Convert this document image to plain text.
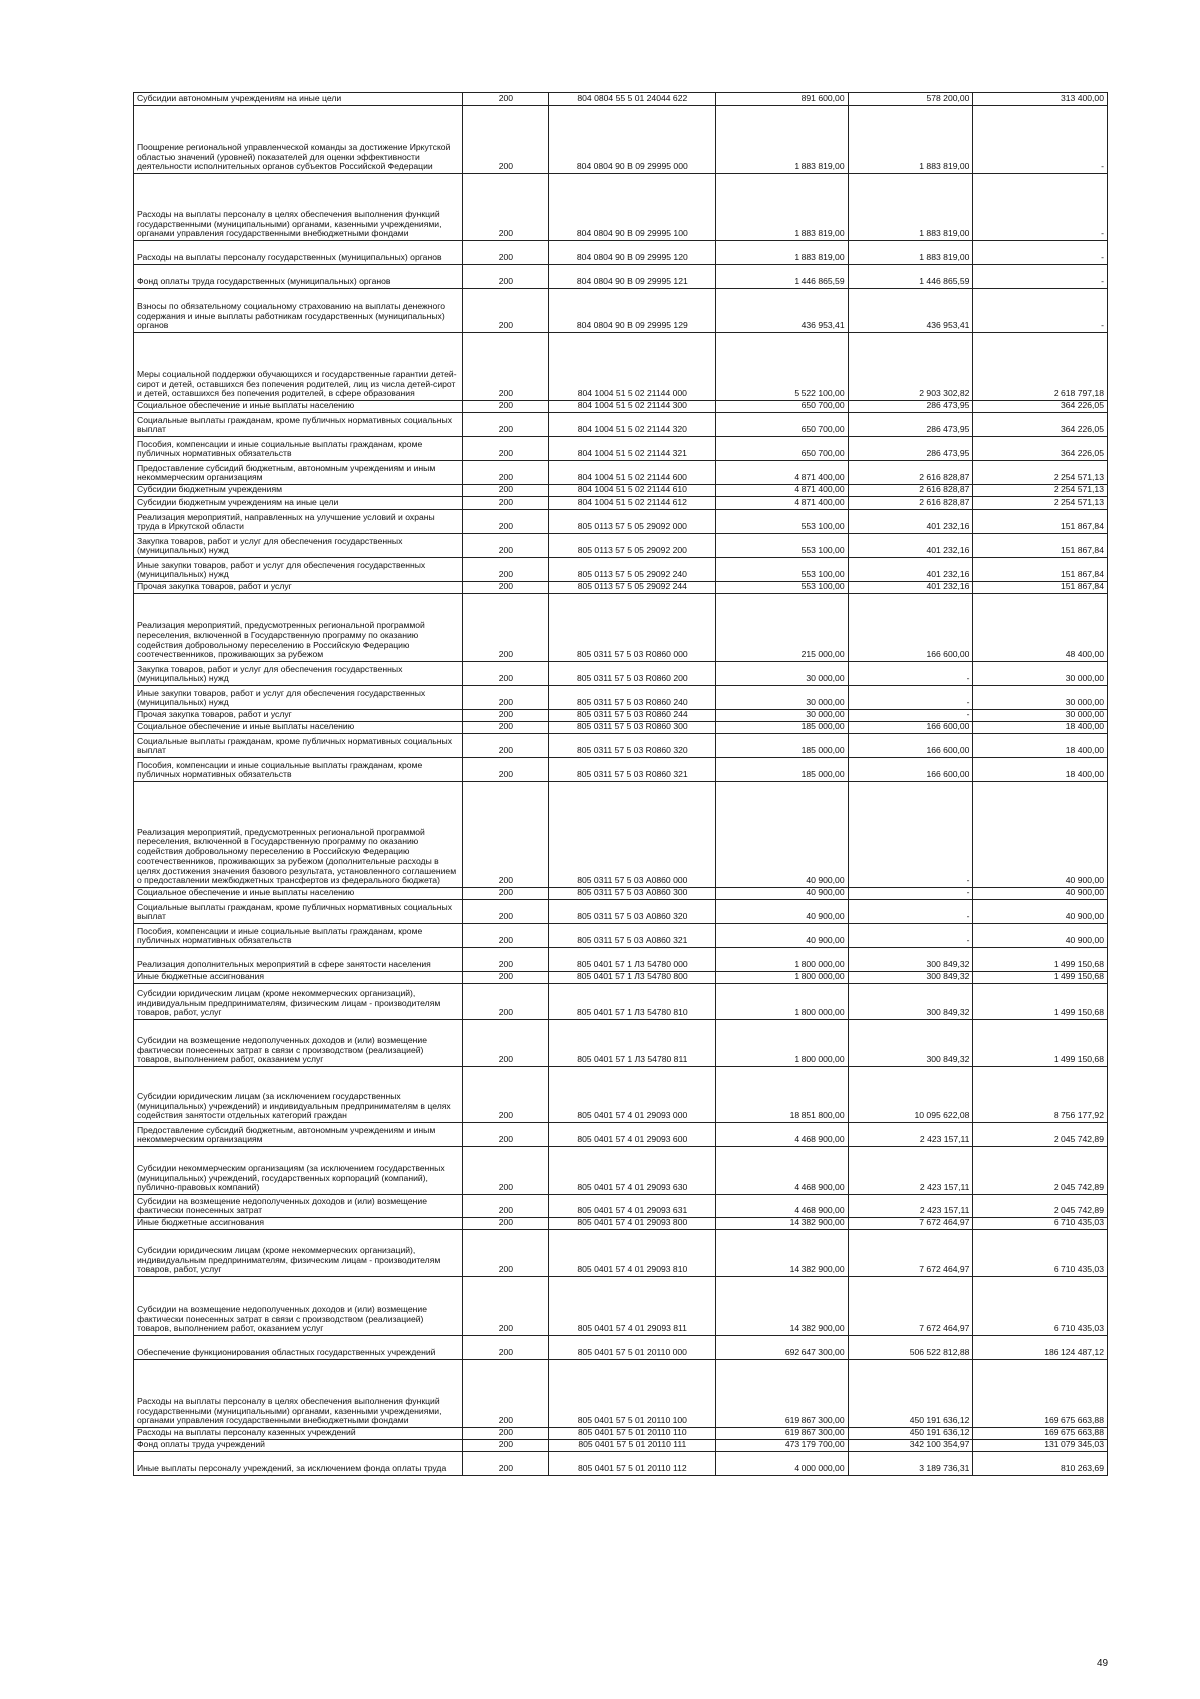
Субсидии автономным учреждениям на иные цели	200	804 0804 55 5 01 24044 622	891 600,00	578 200,00	313 400,00
Поощрение региональной управленческой команды за достижение Иркутской областью значений (уровней) показателей для оценки эффективности деятельности исполнительных органов субъектов Российской Федерации	200	804 0804 90 В 09 29995 000	1 883 819,00	1 883 819,00	-
Расходы на выплаты персоналу в целях обеспечения выполнения функций государственными (муниципальными) органами, казенными учреждениями, органами управления государственными внебюджетными фондами	200	804 0804 90 В 09 29995 100	1 883 819,00	1 883 819,00	-
Расходы на выплаты персоналу государственных (муниципальных) органов	200	804 0804 90 В 09 29995 120	1 883 819,00	1 883 819,00	-
Фонд оплаты труда государственных (муниципальных) органов	200	804 0804 90 В 09 29995 121	1 446 865,59	1 446 865,59	-
Взносы по обязательному социальному страхованию на выплаты денежного содержания и иные выплаты работникам государственных (муниципальных) органов	200	804 0804 90 В 09 29995 129	436 953,41	436 953,41	-
Меры социальной поддержки обучающихся и государственные гарантии детей-сирот и детей, оставшихся без попечения родителей, лиц из числа детей-сирот и детей, оставшихся без попечения родителей, в сфере образования	200	804 1004 51 5 02 21144 000	5 522 100,00	2 903 302,82	2 618 797,18
Социальное обеспечение и иные выплаты населению	200	804 1004 51 5 02 21144 300	650 700,00	286 473,95	364 226,05
Социальные выплаты гражданам, кроме публичных нормативных социальных выплат	200	804 1004 51 5 02 21144 320	650 700,00	286 473,95	364 226,05
Пособия, компенсации и иные социальные выплаты гражданам, кроме публичных нормативных обязательств	200	804 1004 51 5 02 21144 321	650 700,00	286 473,95	364 226,05
Предоставление субсидий бюджетным, автономным учреждениям и иным некоммерческим организациям	200	804 1004 51 5 02 21144 600	4 871 400,00	2 616 828,87	2 254 571,13
Субсидии бюджетным учреждениям	200	804 1004 51 5 02 21144 610	4 871 400,00	2 616 828,87	2 254 571,13
Субсидии бюджетным учреждениям на иные цели	200	804 1004 51 5 02 21144 612	4 871 400,00	2 616 828,87	2 254 571,13
Реализация мероприятий, направленных на улучшение условий и охраны труда в Иркутской области	200	805 0113 57 5 05 29092 000	553 100,00	401 232,16	151 867,84
Закупка товаров, работ и услуг для обеспечения государственных (муниципальных) нужд	200	805 0113 57 5 05 29092 200	553 100,00	401 232,16	151 867,84
Иные закупки товаров, работ и услуг для обеспечения государственных (муниципальных) нужд	200	805 0113 57 5 05 29092 240	553 100,00	401 232,16	151 867,84
Прочая закупка товаров, работ и услуг	200	805 0113 57 5 05 29092 244	553 100,00	401 232,16	151 867,84
Реализация мероприятий, предусмотренных региональной программой переселения, включенной в Государственную программу по оказанию содействия добровольному переселению в Российскую Федерацию соотечественников, проживающих за рубежом	200	805 0311 57 5 03 R0860 000	215 000,00	166 600,00	48 400,00
Закупка товаров, работ и услуг для обеспечения государственных (муниципальных) нужд	200	805 0311 57 5 03 R0860 200	30 000,00	-	30 000,00
Иные закупки товаров, работ и услуг для обеспечения государственных (муниципальных) нужд	200	805 0311 57 5 03 R0860 240	30 000,00	-	30 000,00
Прочая закупка товаров, работ и услуг	200	805 0311 57 5 03 R0860 244	30 000,00	-	30 000,00
Социальное обеспечение и иные выплаты населению	200	805 0311 57 5 03 R0860 300	185 000,00	166 600,00	18 400,00
Социальные выплаты гражданам, кроме публичных нормативных социальных выплат	200	805 0311 57 5 03 R0860 320	185 000,00	166 600,00	18 400,00
Пособия, компенсации и иные социальные выплаты гражданам, кроме публичных нормативных обязательств	200	805 0311 57 5 03 R0860 321	185 000,00	166 600,00	18 400,00
Реализация мероприятий, предусмотренных региональной программой переселения, включенной в Государственную программу по оказанию содействия добровольному переселению в Российскую Федерацию соотечественников, проживающих за рубежом (дополнительные расходы в целях достижения значения базового результата, установленного соглашением о предоставлении межбюджетных трансфертов из федерального бюджета)	200	805 0311 57 5 03 А0860 000	40 900,00	-	40 900,00
Социальное обеспечение и иные выплаты населению	200	805 0311 57 5 03 А0860 300	40 900,00	-	40 900,00
Социальные выплаты гражданам, кроме публичных нормативных социальных выплат	200	805 0311 57 5 03 А0860 320	40 900,00	-	40 900,00
Пособия, компенсации и иные социальные выплаты гражданам, кроме публичных нормативных обязательств	200	805 0311 57 5 03 А0860 321	40 900,00	-	40 900,00
Реализация дополнительных мероприятий в сфере занятости населения	200	805 0401 57 1 Л3 54780 000	1 800 000,00	300 849,32	1 499 150,68
Иные бюджетные ассигнования	200	805 0401 57 1 Л3 54780 800	1 800 000,00	300 849,32	1 499 150,68
Субсидии юридическим лицам (кроме некоммерческих организаций), индивидуальным предпринимателям, физическим лицам - производителям товаров, работ, услуг	200	805 0401 57 1 Л3 54780 810	1 800 000,00	300 849,32	1 499 150,68
Субсидии на возмещение недополученных доходов и (или) возмещение фактически понесенных затрат в связи с производством (реализацией) товаров, выполнением работ, оказанием услуг	200	805 0401 57 1 Л3 54780 811	1 800 000,00	300 849,32	1 499 150,68
Субсидии юридическим лицам (за исключением государственных (муниципальных) учреждений) и индивидуальным предпринимателям в целях содействия занятости отдельных категорий граждан	200	805 0401 57 4 01 29093 000	18 851 800,00	10 095 622,08	8 756 177,92
Предоставление субсидий бюджетным, автономным учреждениям и иным некоммерческим организациям	200	805 0401 57 4 01 29093 600	4 468 900,00	2 423 157,11	2 045 742,89
Субсидии некоммерческим организациям (за исключением государственных (муниципальных) учреждений, государственных корпораций (компаний), публично-правовых компаний)	200	805 0401 57 4 01 29093 630	4 468 900,00	2 423 157,11	2 045 742,89
Субсидии на возмещение недополученных доходов и (или) возмещение фактически понесенных затрат	200	805 0401 57 4 01 29093 631	4 468 900,00	2 423 157,11	2 045 742,89
Иные бюджетные ассигнования	200	805 0401 57 4 01 29093 800	14 382 900,00	7 672 464,97	6 710 435,03
Субсидии юридическим лицам (кроме некоммерческих организаций), индивидуальным предпринимателям, физическим лицам - производителям товаров, работ, услуг	200	805 0401 57 4 01 29093 810	14 382 900,00	7 672 464,97	6 710 435,03
Субсидии на возмещение недополученных доходов и (или) возмещение фактически понесенных затрат в связи с производством (реализацией) товаров, выполнением работ, оказанием услуг	200	805 0401 57 4 01 29093 811	14 382 900,00	7 672 464,97	6 710 435,03
Обеспечение функционирования областных государственных учреждений	200	805 0401 57 5 01 20110 000	692 647 300,00	506 522 812,88	186 124 487,12
Расходы на выплаты персоналу в целях обеспечения выполнения функций государственными (муниципальными) органами, казенными учреждениями, органами управления государственными внебюджетными фондами	200	805 0401 57 5 01 20110 100	619 867 300,00	450 191 636,12	169 675 663,88
Расходы на выплаты персоналу казенных учреждений	200	805 0401 57 5 01 20110 110	619 867 300,00	450 191 636,12	169 675 663,88
Фонд оплаты труда учреждений	200	805 0401 57 5 01 20110 111	473 179 700,00	342 100 354,97	131 079 345,03
Иные выплаты персоналу учреждений, за исключением фонда оплаты труда	200	805 0401 57 5 01 20110 112	4 000 000,00	3 189 736,31	810 263,69
49
